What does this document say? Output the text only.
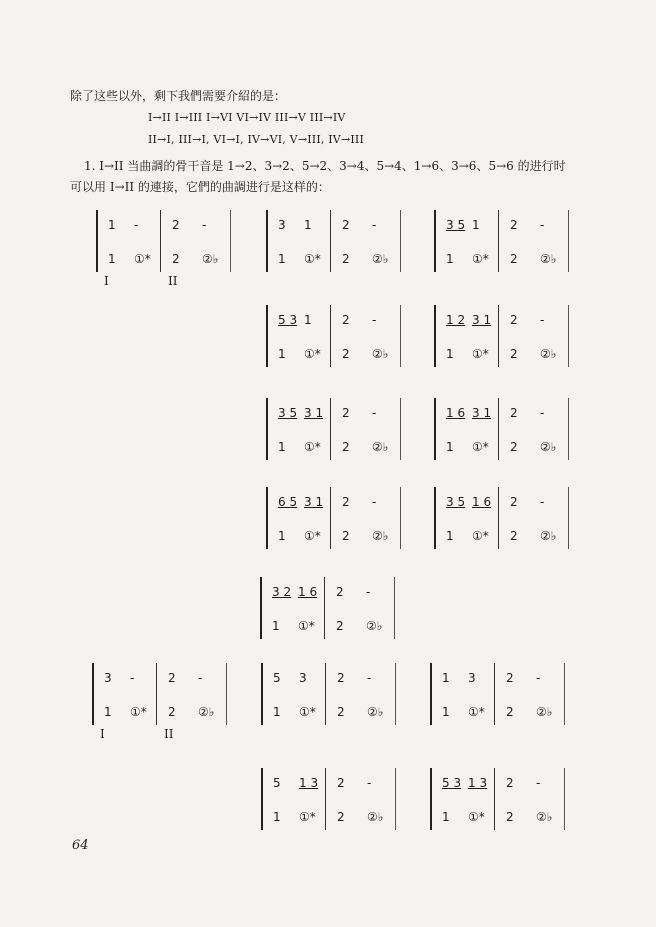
除了这些以外，剩下我們需要介紹的是：
I→II I→III I→VI VI→IV III→V III→IV
II→I, III→I, VI→I, IV→VI, V→III, IV→III
1. I→II 当曲調的骨干音是 1→2、3→2、5→2、3→4、5→4、1→6、3→6、5→6 的进行时
可以用 I→II 的連接，它們的曲調进行是这样的：
1 -	2 -
1 ①* 2 ②♭
I	II
3 1	2 -
1 ①* 2 ②♭
3 5 1	2 -
1 ①* 2 ②♭
5 3 1	2 -
1 ①* 2 ②♭
1 2 3 1 2 -
1 ①* 2 ②♭
3 5 3 1 2 -
1 ①* 2 ②♭
1 6 3 1 2 -
1 ①* 2 ②♭
6 5 3 1 2 -
1 ①* 2 ②♭
3 5 1 6 2 -
1 ①* 2 ②♭
3 2 1 6 2 -
1 ①* 2 ②♭
3 -	2 -
1 ①* 2 ②♭
I	II
5 3	2 -
1 ①* 2 ②♭
1 3	2 -
1 ①* 2 ②♭
5 1 3 2 -
1 ①* 2 ②♭
5 3 1 3 2 -
1 ①* 2 ②♭
64
